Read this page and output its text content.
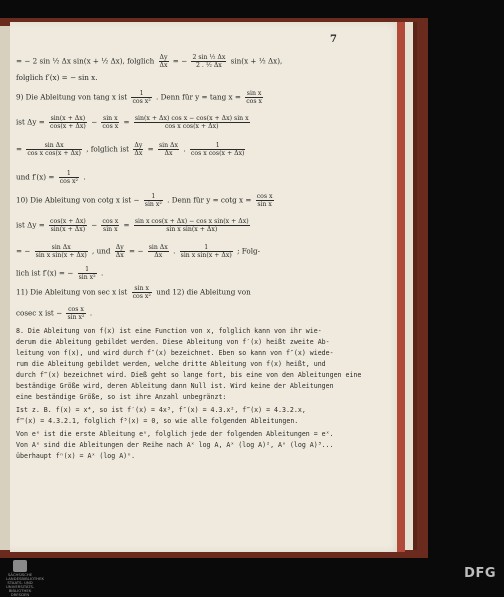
7
= − 2 sin ½ Δx sin(x + ½ Δx), folglich $\frac{\Delta y}{\Delta x}$ = − $\frac{\text{2 sin ½ Δx}}{\text{2 . ½ Δx}} \sin(x$ + ½ Δx),
folglich f′(x) = − sin x.
9) Die Ableitung von tang x ist $\frac{1}{\text{cos x²}}$ . Denn für y = tang $x = \frac{\text{sin x}}{\text{cos x}}$
ist $\Delta y = \frac{\sin(x + \Delta x)}{\cos(x + \Delta x)} - \frac{\text{sin x}}{\text{cos x}} = \frac{\text{sin(x + Δx) cos x − cos(x + Δx) sin x}}{\text{cos x cos(x + Δx)}}$
= $\frac{\text{sin Δx}}{\text{cos x cos(x + Δx)}}$ , folglich ist $\frac{\Delta y}{\Delta x} = \frac{\text{sin Δx}}{\Delta x}$ . $\frac{1}{\text{cos x cos(x + Δx)}}$
und $f'(x) = \frac{1}{\text{cos x²}}$ .
10) Die Ableitung von cotg x ist − $\frac{1}{\text{sin x²}}$ . Denn für y = cotg $x = \frac{\text{cos x}}{\text{sin x}}$
ist $\Delta y = \frac{\cos(x + \Delta x)}{\sin(x + \Delta x)} - \frac{\text{cos x}}{\text{sin x}} = \frac{\text{sin x cos(x + Δx) − cos x sin(x + Δx)}}{\text{sin x sin(x + Δx)}}$
= − $\frac{\text{sin Δx}}{\text{sin x sin(x + Δx)}}$ , und $\frac{\Delta y}{\Delta x}$ = − $\frac{\text{sin Δx}}{\Delta x}$ . $\frac{1}{\text{sin x sin(x + Δx)}}$ ; Folg-
lich ist f′(x) = − $\frac{1}{\text{sin x²}}$ .
11) Die Ableitung von sec x ist $\frac{\text{sin x}}{\text{cos x²}}$ und 12) die Ableitung von
cosec x ist − $\frac{\text{cos x}}{\text{sin x²}}$ .
8. Die Ableitung von f(x) ist eine Function von x, folglich kann von ihr wie-
derum die Ableitung gebildet werden. Diese Ableitung von f′(x) heißt zweite Ab-
leitung von f(x), und wird durch f″(x) bezeichnet. Eben so kann von f″(x) wiede-
rum die Ableitung gebildet werden, welche dritte Ableitung von f(x) heißt, und
durch f‴(x) bezeichnet wird. Dieß geht so lange fort, bis eine von den Ableitungen eine
beständige Größe wird, deren Ableitung dann Null ist. Wird keine der Ableitungen
eine beständige Größe, so ist ihre Anzahl unbegränzt:
Ist z. B. f(x) = x⁴, so ist f′(x) = 4x³, f″(x) = 4.3.x², f‴(x) = 4.3.2.x,
f⁗(x) = 4.3.2.1, folglich f⁵(x) = 0, so wie alle folgenden Ableitungen.
Von eˣ ist die erste Ableitung eˣ, folglich jede der folgenden Ableitungen = eˣ.
Von Aˣ sind die Ableitungen der Reihe nach Aˣ log A, Aˣ (log A)², Aˣ (log A)³...
überhaupt fⁿ(x) = Aˣ (log A)ⁿ.
SÄCHSISCHE LANDESBIBLIOTHEK STAATS- UND UNIVERSITÄTS- BIBLIOTHEK DRESDEN
DFG
